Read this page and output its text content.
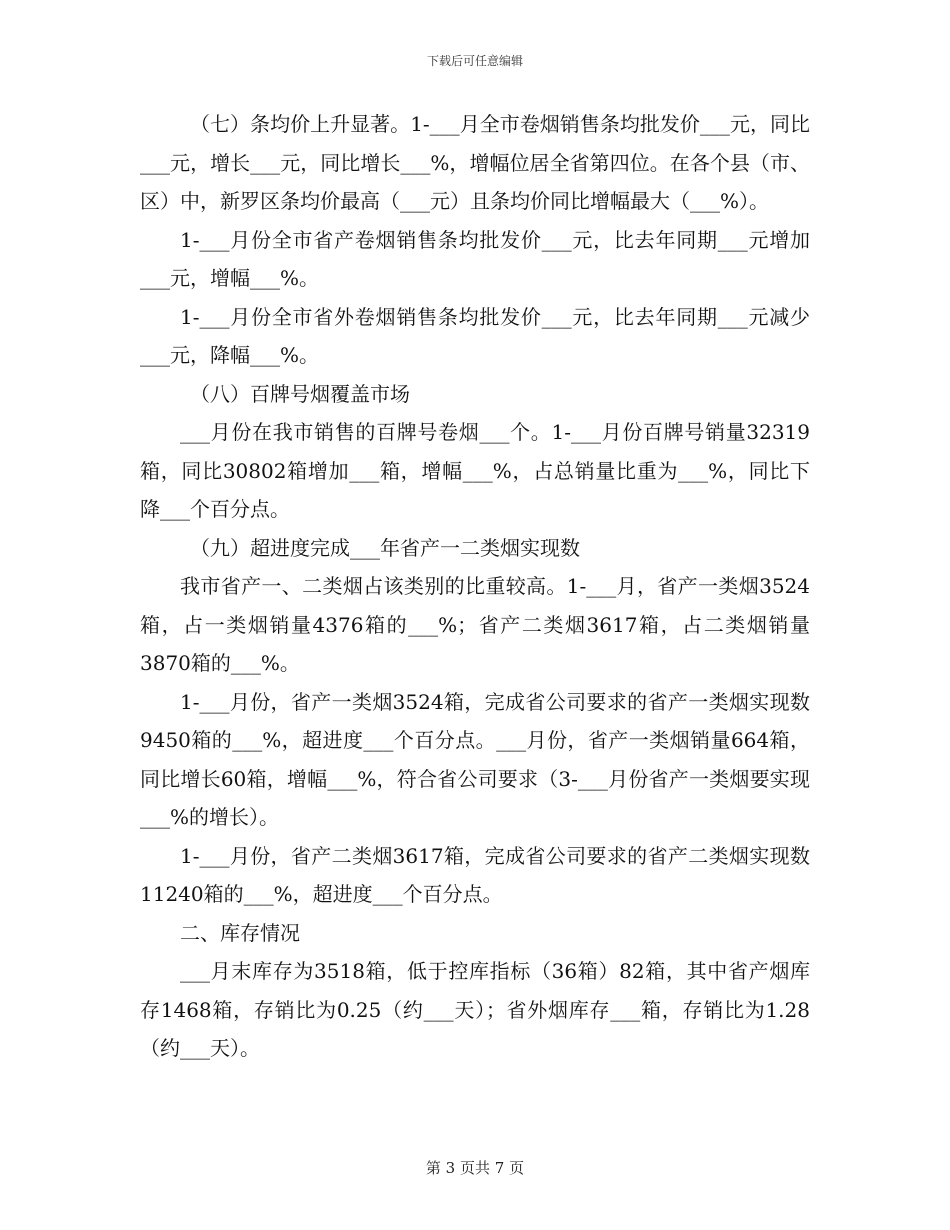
下载后可任意编辑

（七）条均价上升显著。1-___月全市卷烟销售条均批发价___元，同比___元，增长___元，同比增长___%，增幅位居全省第四位。在各个县（市、区）中，新罗区条均价最高（___元）且条均价同比增幅最大（___%）。

1-___月份全市省产卷烟销售条均批发价___元，比去年同期___元增加___元，增幅___%。

1-___月份全市省外卷烟销售条均批发价___元，比去年同期___元减少___元，降幅___%。

（八）百牌号烟覆盖市场

___月份在我市销售的百牌号卷烟___个。1-___月份百牌号销量32319箱，同比30802箱增加___箱，增幅___%，占总销量比重为___%，同比下降___个百分点。

（九）超进度完成___年省产一二类烟实现数

我市省产一、二类烟占该类别的比重较高。1-___月，省产一类烟3524箱，占一类烟销量4376箱的___%；省产二类烟3617箱，占二类烟销量3870箱的___%。

1-___月份，省产一类烟3524箱，完成省公司要求的省产一类烟实现数9450箱的___%，超进度___个百分点。___月份，省产一类烟销量664箱，同比增长60箱，增幅___%，符合省公司要求（3-___月份省产一类烟要实现___%的增长）。

1-___月份，省产二类烟3617箱，完成省公司要求的省产二类烟实现数11240箱的___%，超进度___个百分点。

二、库存情况

___月末库存为3518箱，低于控库指标（36箱）82箱，其中省产烟库存1468箱，存销比为0.25（约___天）；省外烟库存___箱，存销比为1.28（约___天）。

第 3 页共 7 页
